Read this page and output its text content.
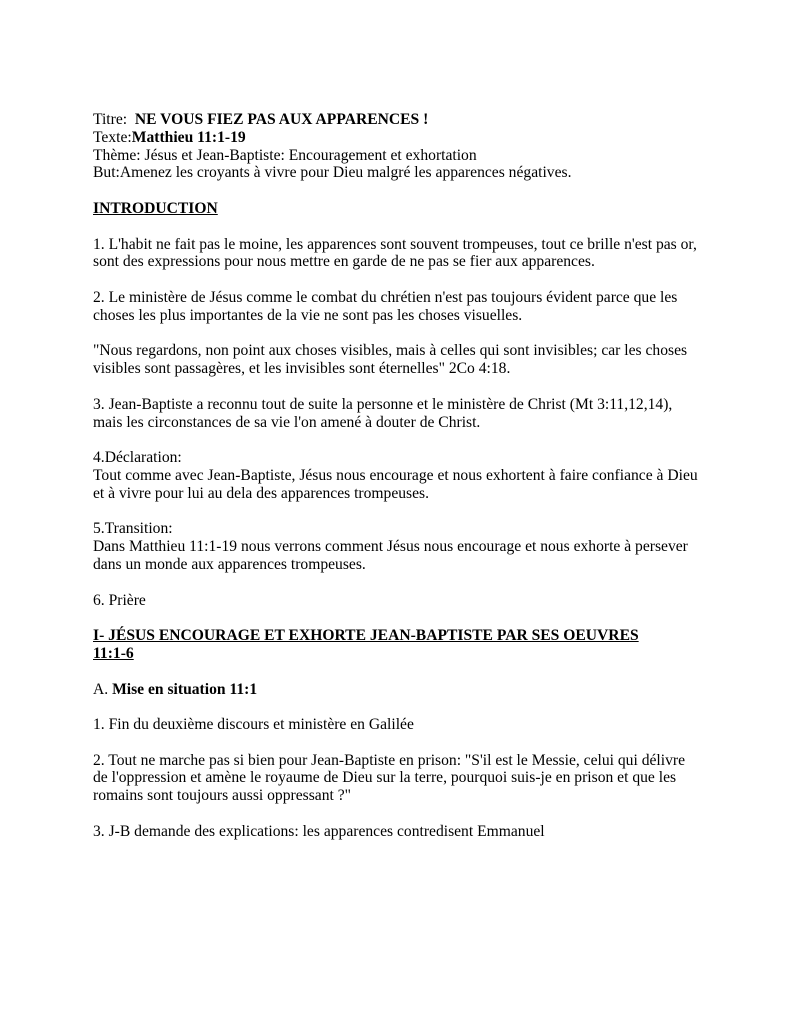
Titre: NE VOUS FIEZ PAS AUX APPARENCES !
Texte:Matthieu 11:1-19
Thème: Jésus et Jean-Baptiste: Encouragement et exhortation
But:Amenez les croyants à vivre pour Dieu malgré les apparences négatives.
INTRODUCTION
1. L'habit ne fait pas le moine, les apparences sont souvent trompeuses, tout ce brille n'est pas or,
sont des expressions pour nous mettre en garde de ne pas se fier aux apparences.
2. Le ministère de Jésus comme le combat du chrétien n'est pas toujours évident parce que les
choses les plus importantes de la vie ne sont pas les choses visuelles.
"Nous regardons, non point aux choses visibles, mais à celles qui sont invisibles; car les choses
visibles sont passagères, et les invisibles sont éternelles" 2Co 4:18.
3. Jean-Baptiste a reconnu tout de suite la personne et le ministère de Christ (Mt 3:11,12,14),
mais les circonstances de sa vie l'on amené à douter de Christ.
4.Déclaration:
Tout comme avec Jean-Baptiste, Jésus nous encourage et nous exhortent à faire confiance à Dieu
et à vivre pour lui au dela des apparences trompeuses.
5.Transition:
Dans Matthieu 11:1-19 nous verrons comment Jésus nous encourage et nous exhorte à persever
dans un monde aux apparences trompeuses.
6. Prière
I- JÉSUS ENCOURAGE ET EXHORTE JEAN-BAPTISTE PAR SES OEUVRES
11:1-6
A. Mise en situation 11:1
1. Fin du deuxième discours et ministère en Galilée
2. Tout ne marche pas si bien pour Jean-Baptiste en prison: "S'il est le Messie, celui qui délivre
de l'oppression et amène le royaume de Dieu sur la terre, pourquoi suis-je en prison et que les
romains sont toujours aussi oppressant ?"
3. J-B demande des explications: les apparences contredisent Emmanuel
